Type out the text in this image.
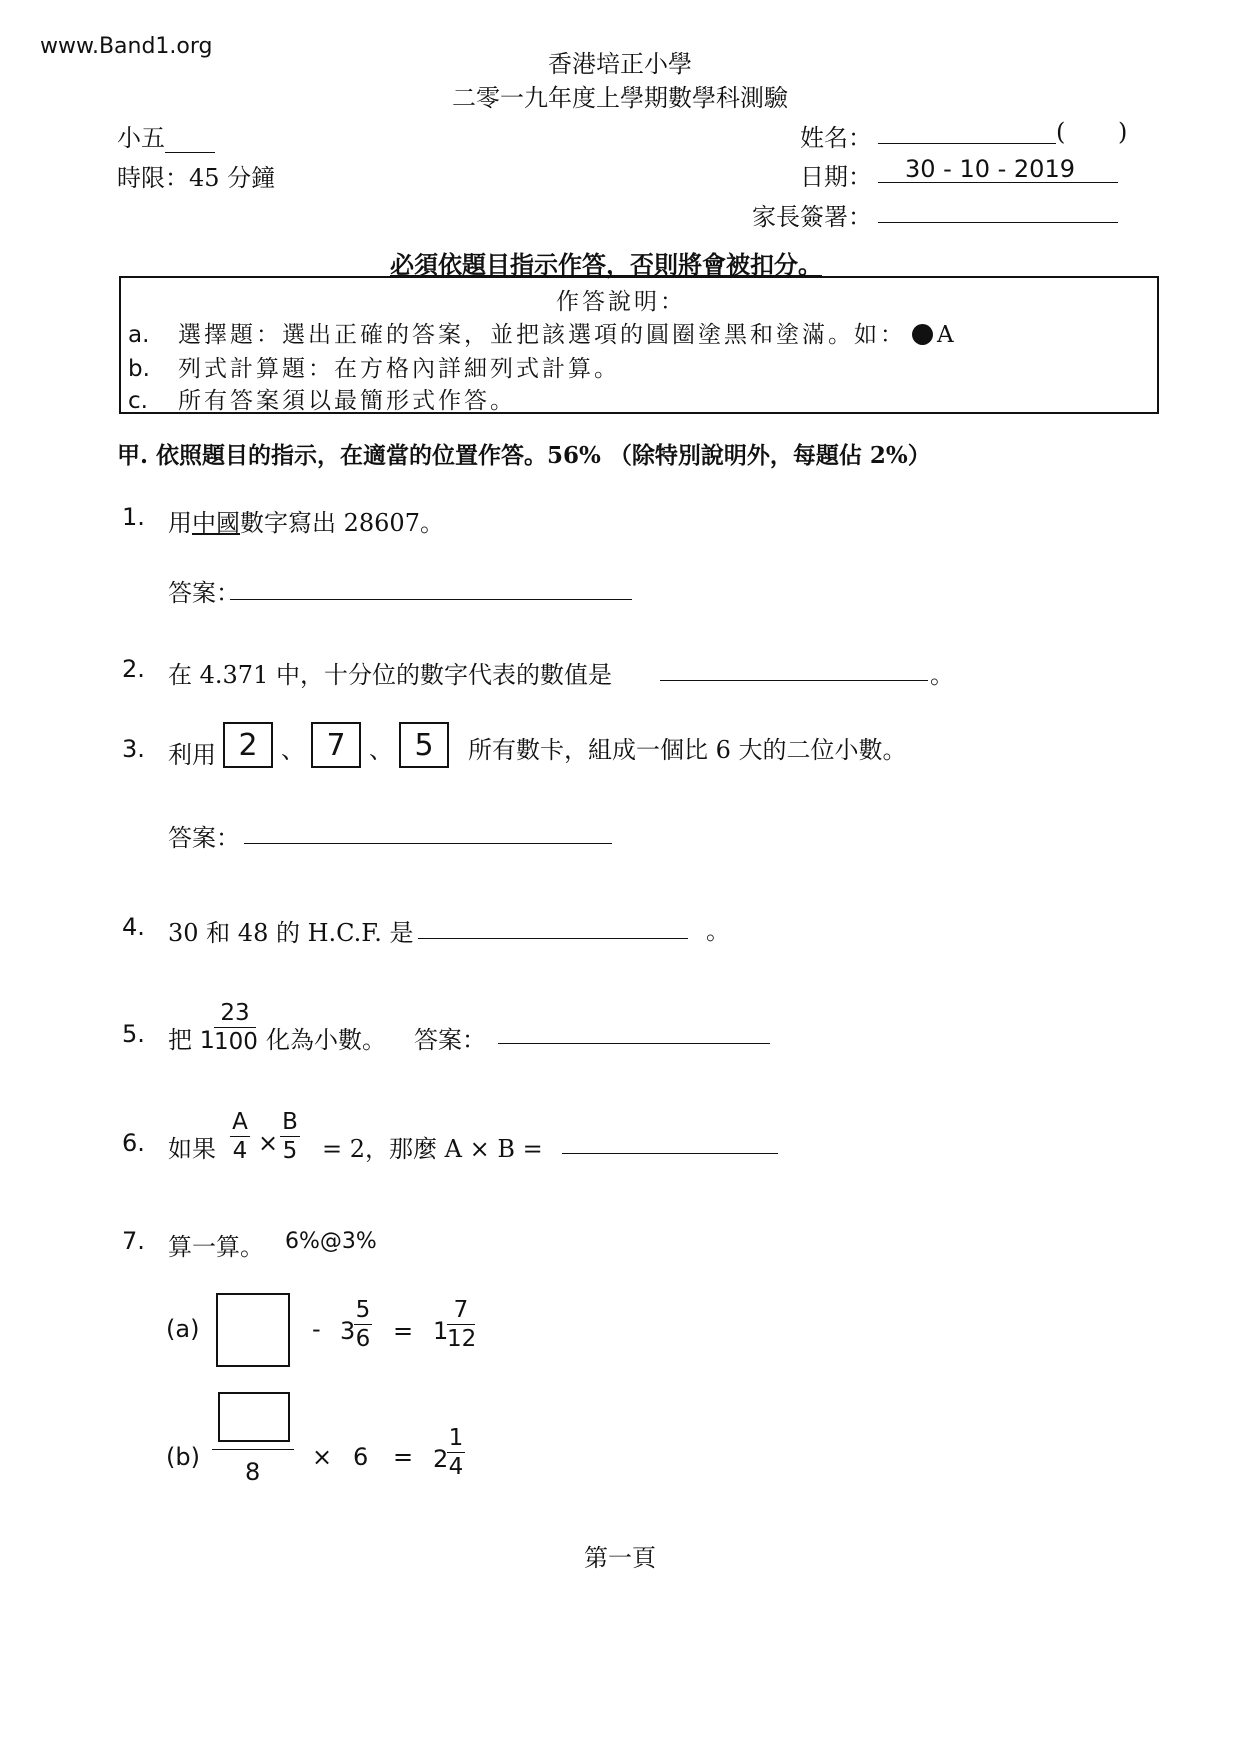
www.Band1.org
香港培正小學
二零一九年度上學期數學科測驗
小五
時限：45 分鐘
姓名：	( )
日期： 30 - 10 - 2019
家長簽署：
必須依題目指示作答，否則將會被扣分。
作答說明：
a. 選擇題：選出正確的答案，並把該選項的圓圈塗黑和塗滿。如： A
b. 列式計算題：在方格內詳細列式計算。
c. 所有答案須以最簡形式作答。
甲. 依照題目的指示，在適當的位置作答。56% （除特別說明外，每題佔 2%）
1. 用中國數字寫出 28607。
答案：
2. 在 4.371 中，十分位的數字代表的數值是	。
3. 利用 2 、 7 、 5	所有數卡，組成一個比 6 大的二位小數。
答案：
4. 30 和 48 的 H.C.F. 是	。
5. 把 1
23
100 化為小數。 答案：
6. 如果
A
4 ×
B
5 = 2，那麼 A × B =
7. 算一算。 6%@3%
(a)	- 3
5
6 = 1
7
12
(b)
8
× 6 = 2
1
4
第一頁
